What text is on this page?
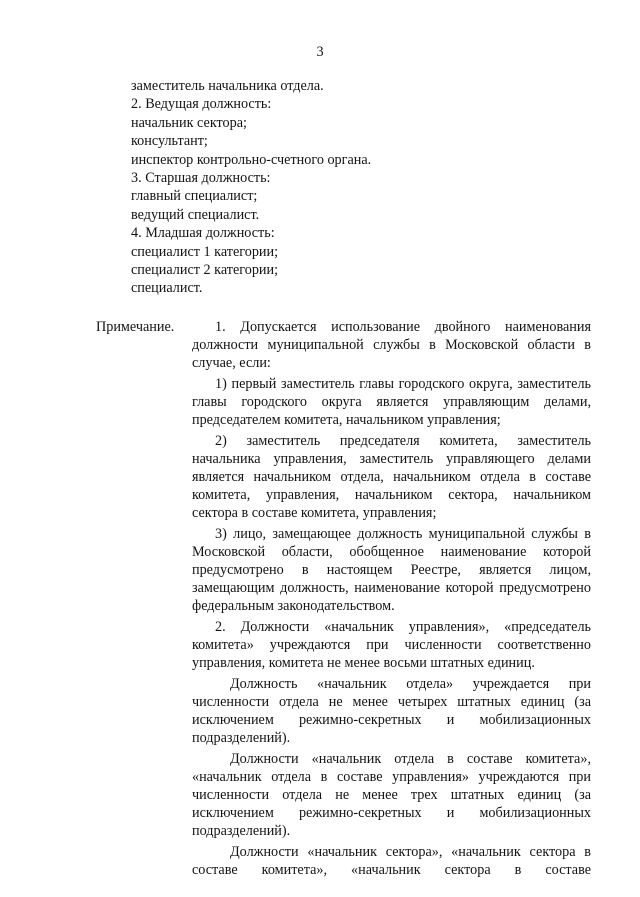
3
заместитель начальника отдела.
2. Ведущая должность:
начальник сектора;
консультант;
инспектор контрольно-счетного органа.
3. Старшая должность:
главный специалист;
ведущий специалист.
4. Младшая должность:
специалист 1 категории;
специалист 2 категории;
специалист.
Примечание.	1. Допускается использование двойного наименования должности муниципальной службы в Московской области в случае, если:

1) первый заместитель главы городского округа, заместитель главы городского округа является управляющим делами, председателем комитета, начальником управления;

2) заместитель председателя комитета, заместитель начальника управления, заместитель управляющего делами является начальником отдела, начальником отдела в составе комитета, управления, начальником сектора, начальником сектора в составе комитета, управления;

3) лицо, замещающее должность муниципальной службы в Московской области, обобщенное наименование которой предусмотрено в настоящем Реестре, является лицом, замещающим должность, наименование которой предусмотрено федеральным законодательством.

2. Должности «начальник управления», «председатель комитета» учреждаются при численности соответственно управления, комитета не менее восьми штатных единиц.

Должность «начальник отдела» учреждается при численности отдела не менее четырех штатных единиц (за исключением режимно-секретных и мобилизационных подразделений).

Должности «начальник отдела в составе комитета», «начальник отдела в составе управления» учреждаются при численности отдела не менее трех штатных единиц (за исключением режимно-секретных и мобилизационных подразделений).

Должности «начальник сектора», «начальник сектора в составе комитета», «начальник сектора в составе
